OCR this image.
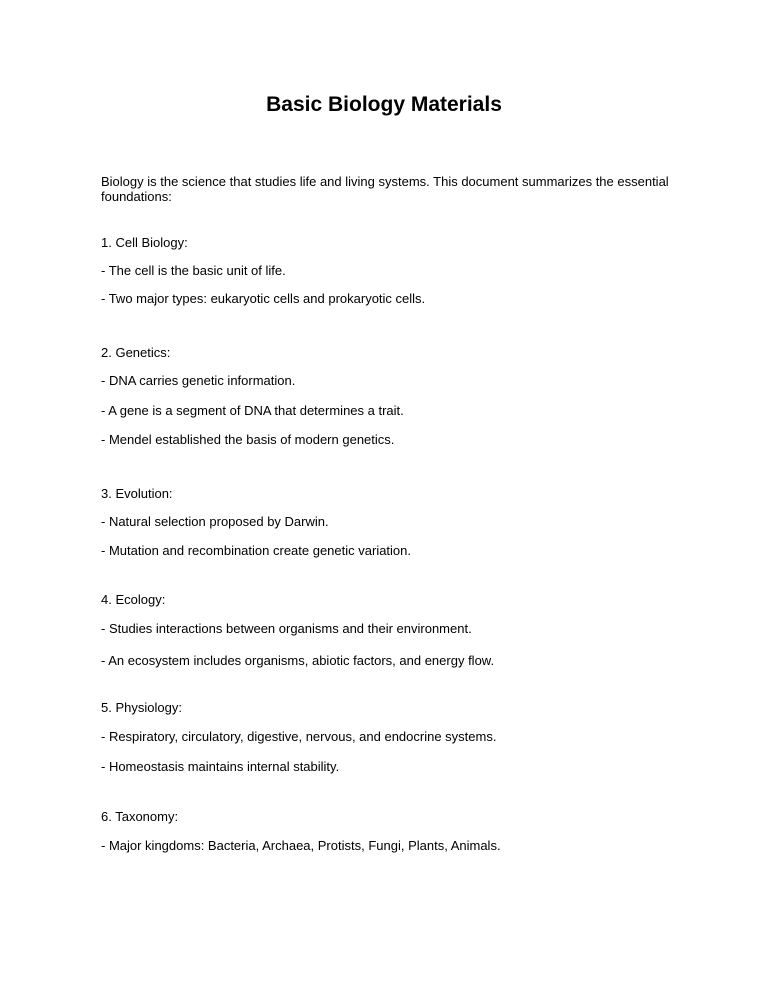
Basic Biology Materials
Biology is the science that studies life and living systems. This document summarizes the essential foundations:
1. Cell Biology:
- The cell is the basic unit of life.
- Two major types: eukaryotic cells and prokaryotic cells.
2. Genetics:
- DNA carries genetic information.
- A gene is a segment of DNA that determines a trait.
- Mendel established the basis of modern genetics.
3. Evolution:
- Natural selection proposed by Darwin.
- Mutation and recombination create genetic variation.
4. Ecology:
- Studies interactions between organisms and their environment.
- An ecosystem includes organisms, abiotic factors, and energy flow.
5. Physiology:
- Respiratory, circulatory, digestive, nervous, and endocrine systems.
- Homeostasis maintains internal stability.
6. Taxonomy:
- Major kingdoms: Bacteria, Archaea, Protists, Fungi, Plants, Animals.
